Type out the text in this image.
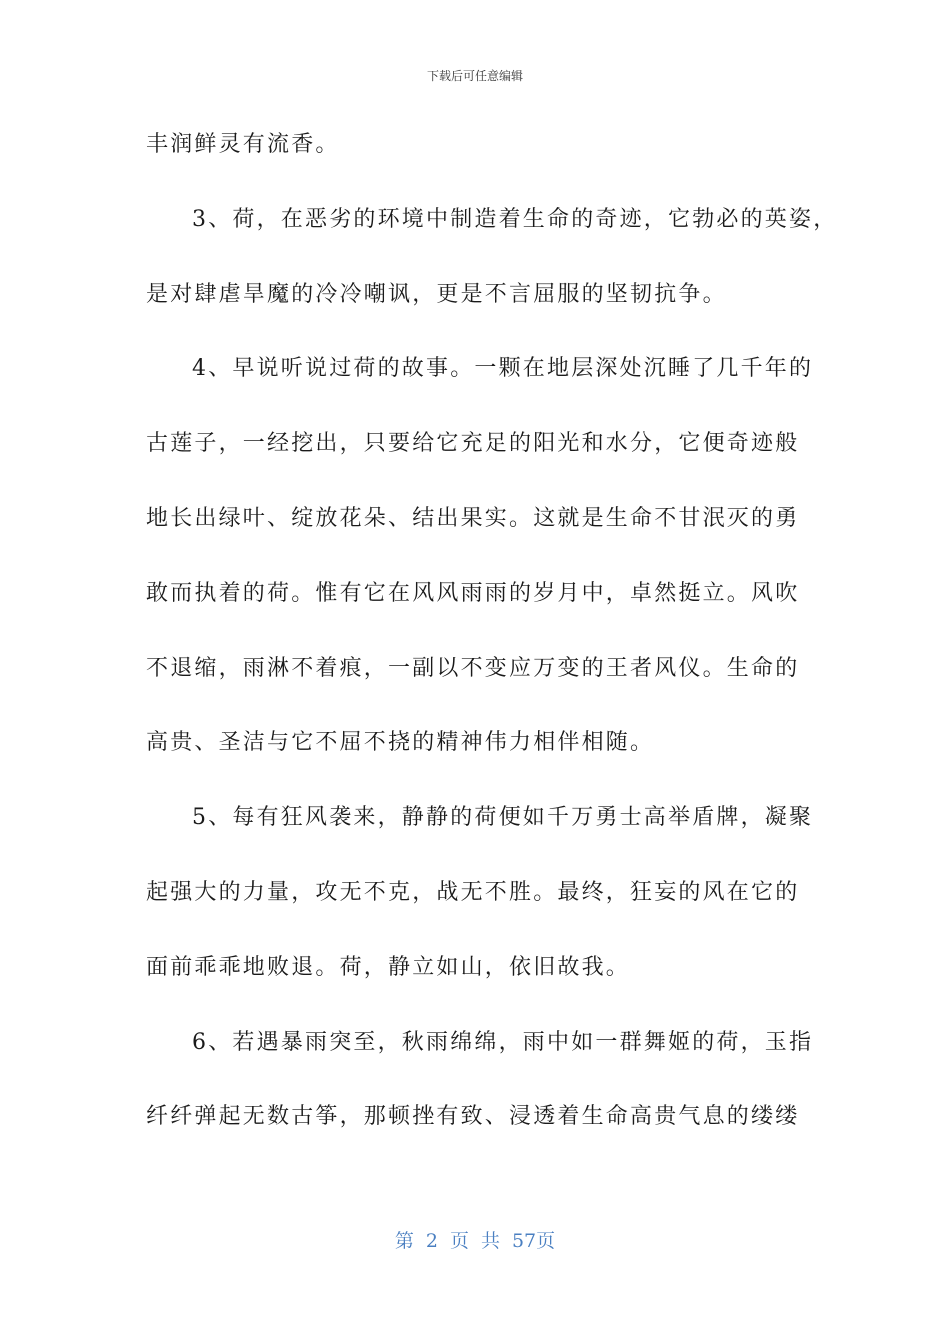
下载后可任意编辑
丰润鲜灵有流香。
3、荷，在恶劣的环境中制造着生命的奇迹，它勃必的英姿，
是对肆虐旱魔的冷冷嘲讽，更是不言屈服的坚韧抗争。
4、早说听说过荷的故事。一颗在地层深处沉睡了几千年的
古莲子，一经挖出，只要给它充足的阳光和水分，它便奇迹般
地长出绿叶、绽放花朵、结出果实。这就是生命不甘泯灭的勇
敢而执着的荷。惟有它在风风雨雨的岁月中，卓然挺立。风吹
不退缩，雨淋不着痕，一副以不变应万变的王者风仪。生命的
高贵、圣洁与它不屈不挠的精神伟力相伴相随。
5、每有狂风袭来，静静的荷便如千万勇士高举盾牌，凝聚
起强大的力量，攻无不克，战无不胜。最终，狂妄的风在它的
面前乖乖地败退。荷，静立如山，依旧故我。
6、若遇暴雨突至，秋雨绵绵，雨中如一群舞姬的荷，玉指
纤纤弹起无数古筝，那顿挫有致、浸透着生命高贵气息的缕缕
第 2 页 共 57页
